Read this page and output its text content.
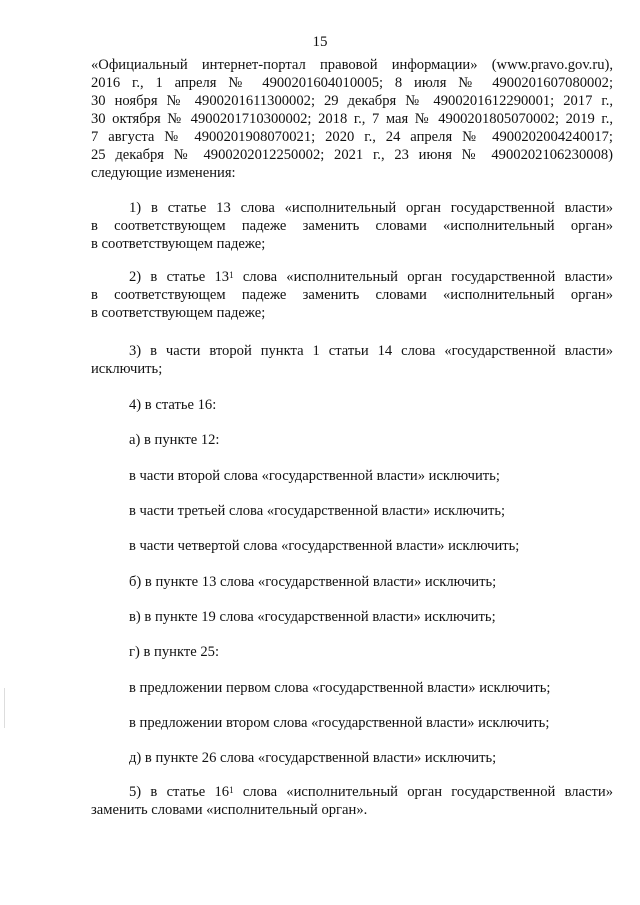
15

«Официальный интернет-портал правовой информации» (www.pravo.gov.ru),
2016 г., 1 апреля № 4900201604010005; 8 июля № 4900201607080002;
30 ноября № 4900201611300002; 29 декабря № 4900201612290001; 2017 г.,
30 октября № 4900201710300002; 2018 г., 7 мая № 4900201805070002; 2019 г.,
7 августа № 4900201908070021; 2020 г., 24 апреля № 4900202004240017;
25 декабря № 4900202012250002; 2021 г., 23 июня № 4900202106230008)
следующие изменения:

1) в статье 13 слова «исполнительный орган государственной власти»
в соответствующем падеже заменить словами «исполнительный орган»
в соответствующем падеже;

2) в статье $13^1$ слова «исполнительный орган государственной власти»
в соответствующем падеже заменить словами «исполнительный орган»
в соответствующем падеже;

3) в части второй пункта 1 статьи 14 слова «государственной власти»
исключить;

4) в статье 16:

а) в пункте 12:

в части второй слова «государственной власти» исключить;

в части третьей слова «государственной власти» исключить;

в части четвертой слова «государственной власти» исключить;

б) в пункте 13 слова «государственной власти» исключить;

в) в пункте 19 слова «государственной власти» исключить;

г) в пункте 25:

в предложении первом слова «государственной власти» исключить;

в предложении втором слова «государственной власти» исключить;

д) в пункте 26 слова «государственной власти» исключить;

5) в статье $16^1$ слова «исполнительный орган государственной власти»
заменить словами «исполнительный орган».
